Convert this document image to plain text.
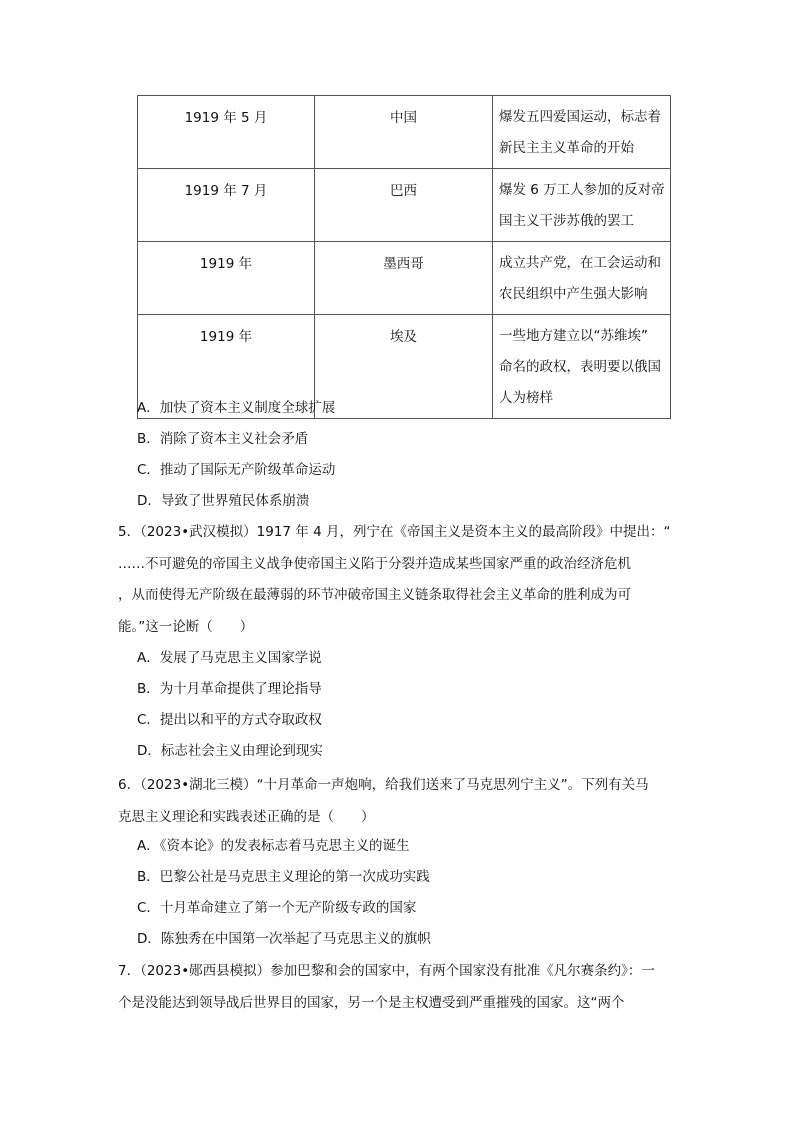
1919 年 5 月	中国	爆发五四爱国运动，标志着
新民主主义革命的开始
1919 年 7 月	巴西	爆发 6 万工人参加的反对帝
国主义干涉苏俄的罢工
1919 年	墨西哥	成立共产党，在工会运动和
农民组织中产生强大影响
1919 年	埃及	一些地方建立以“苏维埃”
命名的政权，表明要以俄国
人为榜样
A．加快了资本主义制度全球扩展
B．消除了资本主义社会矛盾
C．推动了国际无产阶级革命运动
D．导致了世界殖民体系崩溃

5．（2023•武汉模拟）1917 年 4 月，列宁在《帝国主义是资本主义的最高阶段》中提出：“

……不可避免的帝国主义战争使帝国主义陷于分裂并造成某些国家严重的政治经济危机

，从而使得无产阶级在最薄弱的环节冲破帝国主义链条取得社会主义革命的胜利成为可

能。”这一论断（　　）

A．发展了马克思主义国家学说
B．为十月革命提供了理论指导
C．提出以和平的方式夺取政权
D．标志社会主义由理论到现实

6．（2023•湖北三模）“十月革命一声炮响，给我们送来了马克思列宁主义”。下列有关马

克思主义理论和实践表述正确的是（　　）

A．《资本论》的发表标志着马克思主义的诞生
B．巴黎公社是马克思主义理论的第一次成功实践
C．十月革命建立了第一个无产阶级专政的国家
D．陈独秀在中国第一次举起了马克思主义的旗帜

7．（2023•郧西县模拟）参加巴黎和会的国家中，有两个国家没有批准《凡尔赛条约》：一

个是没能达到领导战后世界目的国家，另一个是主权遭受到严重摧残的国家。这“两个
